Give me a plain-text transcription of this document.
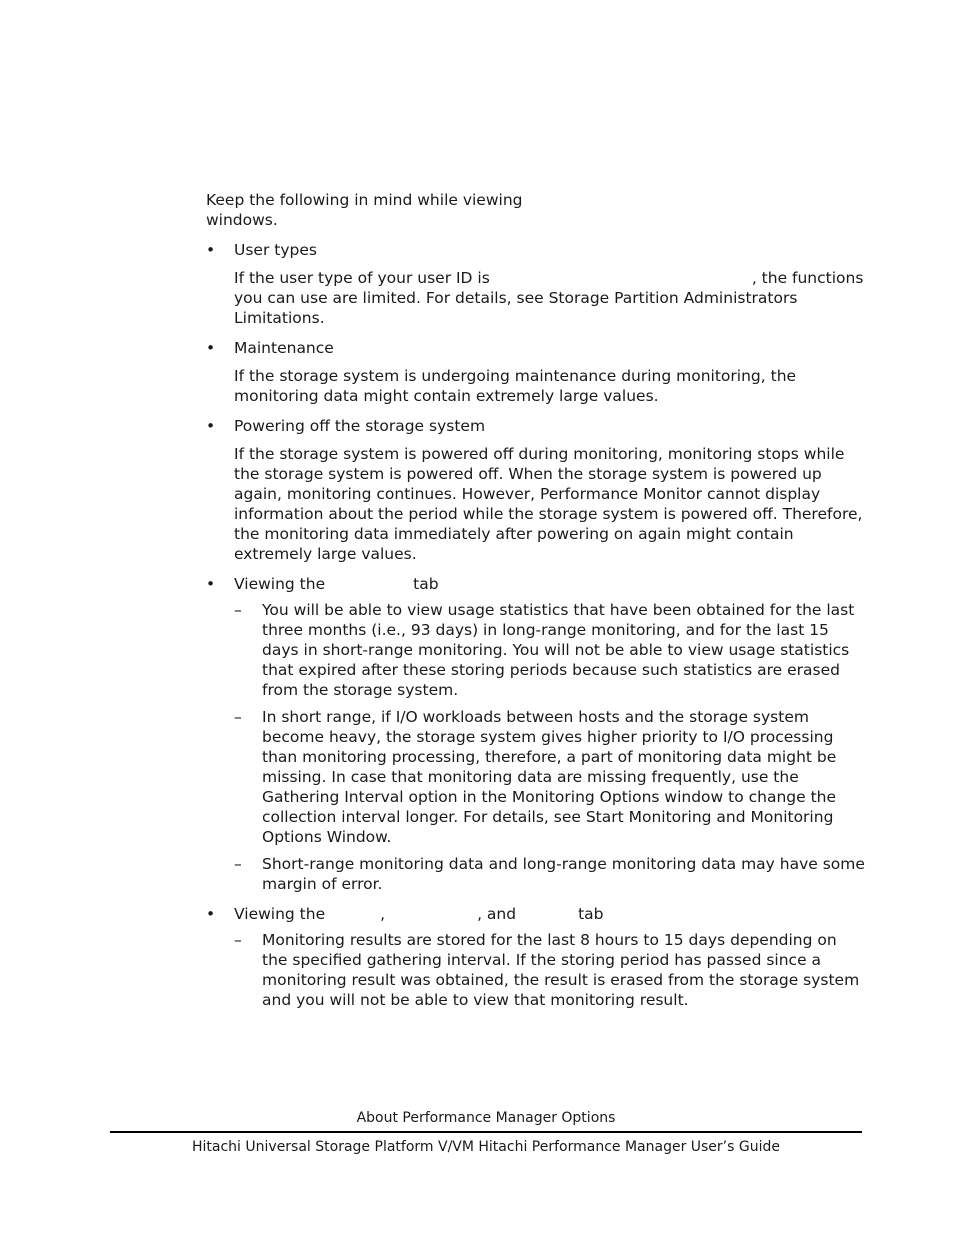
Keep the following in mind while viewing windows.

• User types

If the user type of your user ID is	, the functions you can use are limited. For details, see Storage Partition Administrators Limitations.

• Maintenance

If the storage system is undergoing maintenance during monitoring, the monitoring data might contain extremely large values.

• Powering off the storage system

If the storage system is powered off during monitoring, monitoring stops while the storage system is powered off. When the storage system is powered up again, monitoring continues. However, Performance Monitor cannot display information about the period while the storage system is powered off. Therefore, the monitoring data immediately after powering on again might contain extremely large values.

• Viewing the	tab

– You will be able to view usage statistics that have been obtained for the last three months (i.e., 93 days) in long-range monitoring, and for the last 15 days in short-range monitoring. You will not be able to view usage statistics that expired after these storing periods because such statistics are erased from the storage system.
– In short range, if I/O workloads between hosts and the storage system become heavy, the storage system gives higher priority to I/O processing than monitoring processing, therefore, a part of monitoring data might be missing. In case that monitoring data are missing frequently, use the Gathering Interval option in the Monitoring Options window to change the collection interval longer. For details, see Start Monitoring and Monitoring Options Window.
– Short-range monitoring data and long-range monitoring data may have some margin of error.
• Viewing the	,	, and	tab

– Monitoring results are stored for the last 8 hours to 15 days depending on the specified gathering interval. If the storing period has passed since a monitoring result was obtained, the result is erased from the storage system and you will not be able to view that monitoring result.
About Performance Manager Options
Hitachi Universal Storage Platform V/VM Hitachi Performance Manager User’s Guide
